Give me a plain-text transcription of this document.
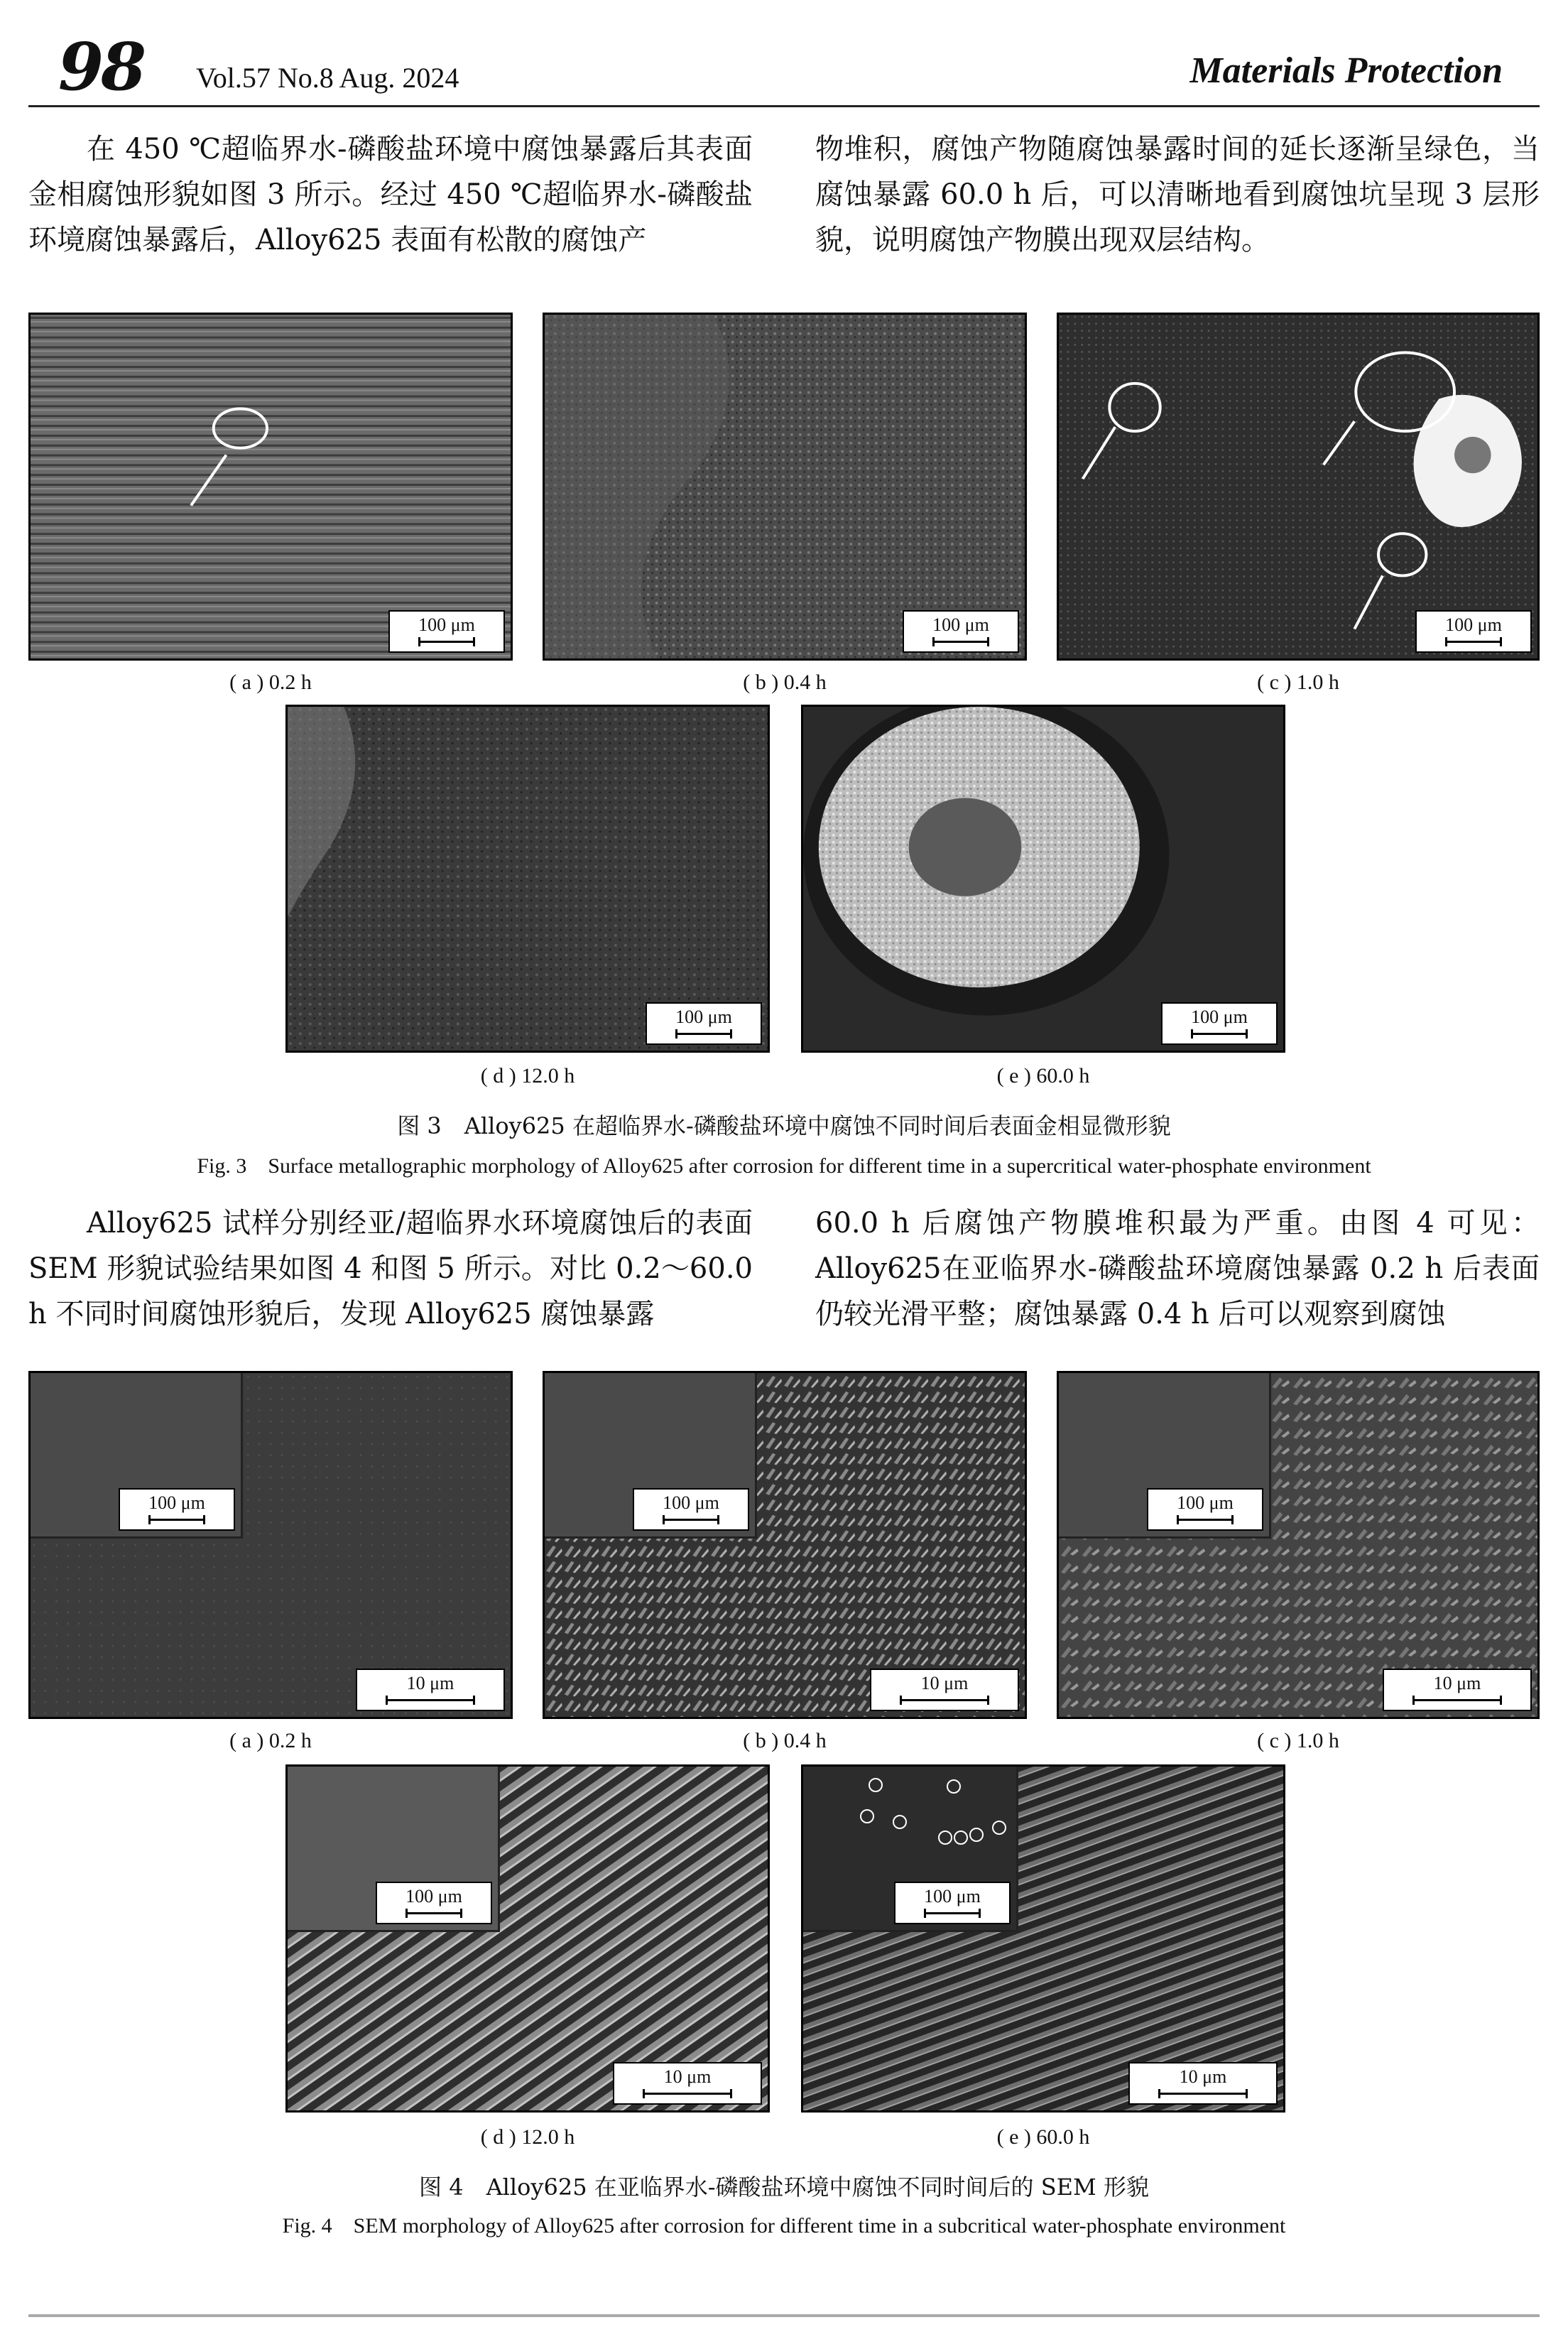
98 Vol.57 No.8 Aug. 2024	Materials Protection

在 450 ℃超临界水-磷酸盐环境中腐蚀暴露后其表面金相腐蚀形貌如图 3 所示。经过 450 ℃超临界水-磷酸盐环境腐蚀暴露后，Alloy625 表面有松散的腐蚀产

物堆积，腐蚀产物随腐蚀暴露时间的延长逐渐呈绿色，当腐蚀暴露 60.0 h 后，可以清晰地看到腐蚀坑呈现 3 层形貌，说明腐蚀产物膜出现双层结构。

100 μm
( a ) 0.2 h
100 μm
( b ) 0.4 h
100 μm
( c ) 1.0 h
100 μm
( d ) 12.0 h
100 μm
( e ) 60.0 h
图 3　Alloy625 在超临界水-磷酸盐环境中腐蚀不同时间后表面金相显微形貌
Fig. 3　Surface metallographic morphology of Alloy625 after corrosion for different time in a supercritical water-phosphate environment

Alloy625 试样分别经亚/超临界水环境腐蚀后的表面 SEM 形貌试验结果如图 4 和图 5 所示。对比 0.2～60.0 h 不同时间腐蚀形貌后，发现 Alloy625 腐蚀暴露

60.0 h 后腐蚀产物膜堆积最为严重。由图 4 可见：Alloy625在亚临界水-磷酸盐环境腐蚀暴露 0.2 h 后表面仍较光滑平整；腐蚀暴露 0.4 h 后可以观察到腐蚀

100 μm
10 μm
( a ) 0.2 h
100 μm
10 μm
( b ) 0.4 h
100 μm
10 μm
( c ) 1.0 h
100 μm
10 μm
( d ) 12.0 h
100 μm
10 μm
( e ) 60.0 h
图 4　Alloy625 在亚临界水-磷酸盐环境中腐蚀不同时间后的 SEM 形貌
Fig. 4　SEM morphology of Alloy625 after corrosion for different time in a subcritical water-phosphate environment
